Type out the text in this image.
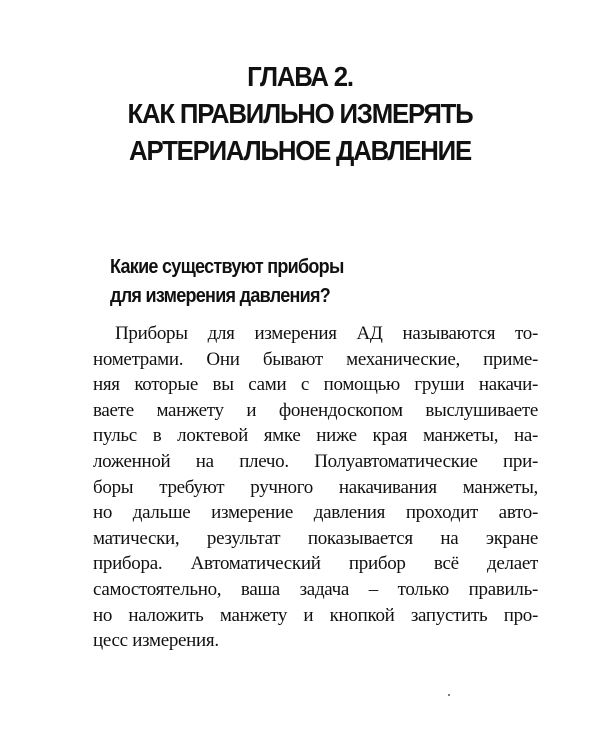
ГЛАВА 2.
КАК ПРАВИЛЬНО ИЗМЕРЯТЬ
АРТЕРИАЛЬНОЕ ДАВЛЕНИЕ
Какие существуют приборы
для измерения давления?
Приборы для измерения АД называются то-
нометрами. Они бывают механические, приме-
няя которые вы сами с помощью груши накачи-
ваете манжету и фонендоскопом выслушиваете
пульс в локтевой ямке ниже края манжеты, на-
ложенной на плечо. Полуавтоматические при-
боры требуют ручного накачивания манжеты,
но дальше измерение давления проходит авто-
матически, результат показывается на экране
прибора. Автоматический прибор всё делает
самостоятельно, ваша задача – только правиль-
но наложить манжету и кнопкой запустить про-
цесс измерения.
